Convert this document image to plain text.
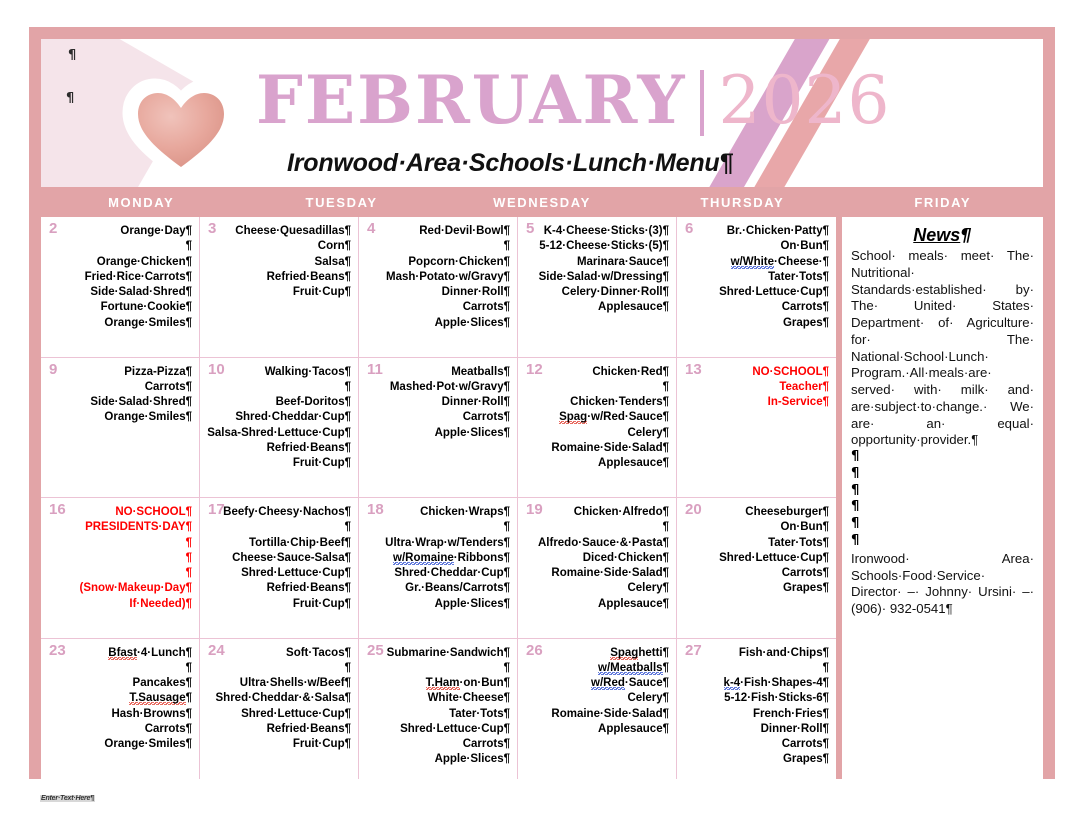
¶
¶	FEBRUARY 2026
Ironwood·Area·Schools·Lunch·Menu¶
MONDAY	TUESDAY	WEDNESDAY	THURSDAY	FRIDAY
2	Orange·Day¶
¶
Orange·Chicken¶
Fried·Rice·Carrots¶
Side·Salad·Shred¶
Fortune·Cookie¶
Orange·Smiles¶
3	Cheese·Quesadillas¶
Corn¶
Salsa¶
Refried·Beans¶
Fruit·Cup¶
4	Red·Devil·Bowl¶
¶
Popcorn·Chicken¶
Mash·Potato·w/Gravy¶
Dinner·Roll¶
Carrots¶
Apple·Slices¶
5 K-4·Cheese·Sticks·(3)¶
5-12·Cheese·Sticks·(5)¶
Marinara·Sauce¶
Side·Salad·w/Dressing¶
Celery·Dinner·Roll¶
Applesauce¶
6	Br.·Chicken·Patty¶
On·Bun¶
w/White·Cheese·¶
Tater·Tots¶
Shred·Lettuce·Cup¶
Carrots¶
Grapes¶
9	Pizza-Pizza¶
Carrots¶
Side·Salad·Shred¶
Orange·Smiles¶
10	Walking·Tacos¶
¶
Beef-Doritos¶
Shred·Cheddar·Cup¶
Salsa-Shred·Lettuce·Cup¶
Refried·Beans¶
Fruit·Cup¶
11	Meatballs¶
Mashed·Pot·w/Gravy¶
Dinner·Roll¶
Carrots¶
Apple·Slices¶
12	Chicken·Red¶
¶
Chicken·Tenders¶
Spag·w/Red·Sauce¶
Celery¶
Romaine·Side·Salad¶
Applesauce¶
13	NO·SCHOOL¶
Teacher¶
In-Service¶
16	NO·SCHOOL¶
PRESIDENTS·DAY¶
¶
¶
¶
(Snow·Makeup·Day¶
If·Needed)¶
17
Beefy·Cheesy·Nachos¶
¶
Tortilla·Chip·Beef¶
Cheese·Sauce-Salsa¶
Shred·Lettuce·Cup¶
Refried·Beans¶
Fruit·Cup¶
18	Chicken·Wraps¶
¶
Ultra·Wrap·w/Tenders¶
w/Romaine·Ribbons¶
Shred·Cheddar·Cup¶
Gr.·Beans/Carrots¶
Apple·Slices¶
19	Chicken·Alfredo¶
¶
Alfredo·Sauce·&·Pasta¶
Diced·Chicken¶
Romaine·Side·Salad¶
Celery¶
Applesauce¶
20	Cheeseburger¶
On·Bun¶
Tater·Tots¶
Shred·Lettuce·Cup¶
Carrots¶
Grapes¶
23	Bfast·4·Lunch¶
¶
Pancakes¶
T.Sausage¶
Hash·Browns¶
Carrots¶
Orange·Smiles¶
24	Soft·Tacos¶
¶
Ultra·Shells·w/Beef¶
Shred·Cheddar·&·Salsa¶
Shred·Lettuce·Cup¶
Refried·Beans¶
Fruit·Cup¶
25 Submarine·Sandwich¶
¶
T.Ham·on·Bun¶
White·Cheese¶
Tater·Tots¶
Shred·Lettuce·Cup¶
Carrots¶
Apple·Slices¶
26	Spaghetti¶
w/Meatballs¶
w/Red·Sauce¶
Celery¶
Romaine·Side·Salad¶
Applesauce¶
27	Fish·and·Chips¶
¶
k-4·Fish·Shapes-4¶
5-12·Fish·Sticks-6¶
French·Fries¶
Dinner·Roll¶
Carrots¶
Grapes¶
News¶
School· meals· meet· The· Nutritional· Standards·established· by· The· United· States· Department· of· Agriculture· for· The· National·School·Lunch· Program.·All·meals·are· served· with· milk· and· are·subject·to·change.· We· are· an· equal· opportunity·provider.¶
¶
¶
¶
¶
¶
¶
Ironwood· Area· Schools·Food·Service· Director· –· Johnny· Ursini· –· (906)· 932-0541¶
Enter·Text·Here¶
